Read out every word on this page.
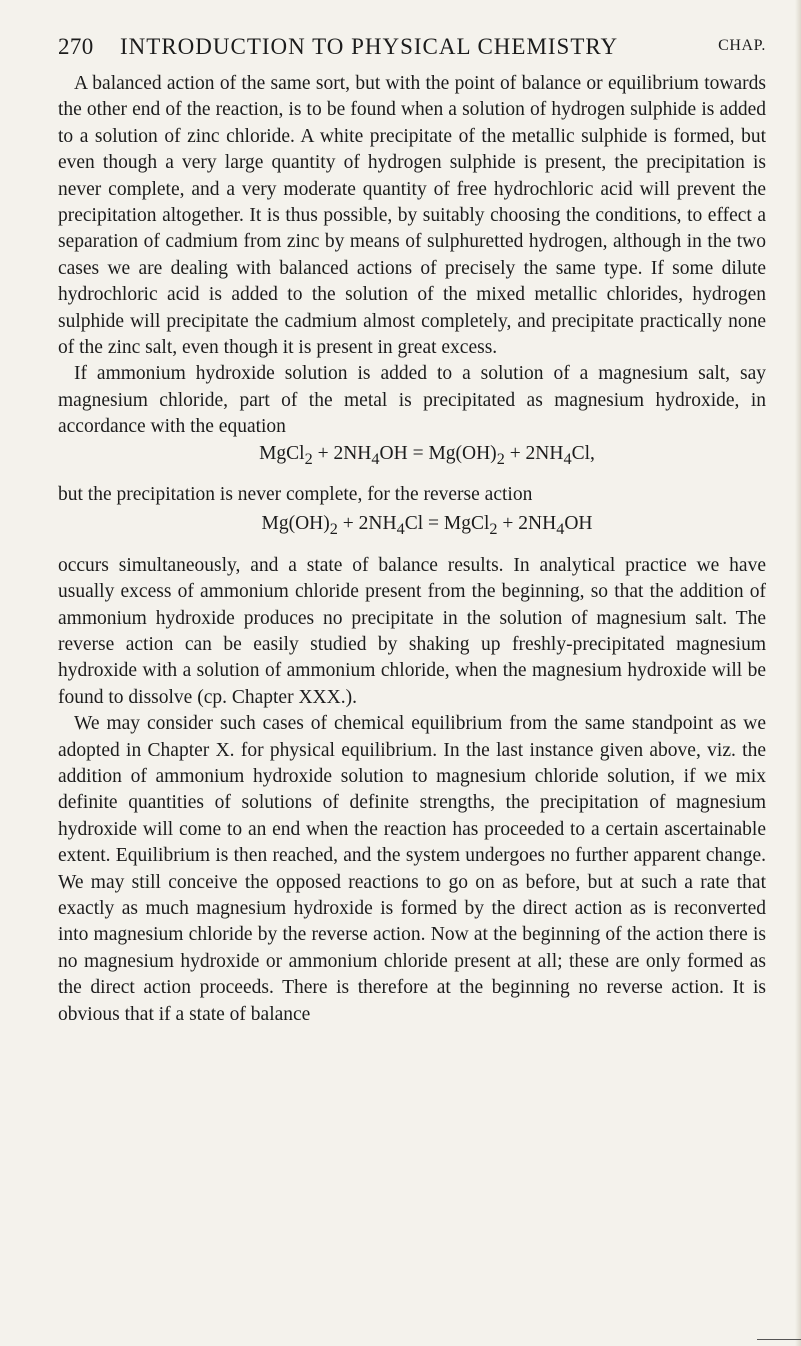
270 INTRODUCTION TO PHYSICAL CHEMISTRY	CHAP.

A balanced action of the same sort, but with the point of balance or equilibrium towards the other end of the reaction, is to be found when a solution of hydrogen sulphide is added to a solution of zinc chloride. A white precipitate of the metallic sulphide is formed, but even though a very large quantity of hydrogen sulphide is present, the precipitation is never complete, and a very moderate quantity of free hydrochloric acid will prevent the precipitation altogether. It is thus possible, by suitably choosing the conditions, to effect a separation of cadmium from zinc by means of sulphuretted hydrogen, although in the two cases we are dealing with balanced actions of precisely the same type. If some dilute hydrochloric acid is added to the solution of the mixed metallic chlorides, hydrogen sulphide will precipitate the cadmium almost completely, and precipitate practically none of the zinc salt, even though it is present in great excess.

If ammonium hydroxide solution is added to a solution of a magnesium salt, say magnesium chloride, part of the metal is precipitated as magnesium hydroxide, in accordance with the equation

MgCl$_2$ + $2NH_4OH = Mg(OH)_2 + 2NH_4Cl$,

but the precipitation is never complete, for the reverse action

$Mg(OH)_2 + 2NH_4Cl$ = MgCl$_2$ + $2NH_4OH$

occurs simultaneously, and a state of balance results. In analytical practice we have usually excess of ammonium chloride present from the beginning, so that the addition of ammonium hydroxide produces no precipitate in the solution of magnesium salt. The reverse action can be easily studied by shaking up freshly-precipitated magnesium hydroxide with a solution of ammonium chloride, when the magnesium hydroxide will be found to dissolve (cp. Chapter XXX.).

We may consider such cases of chemical equilibrium from the same standpoint as we adopted in Chapter X. for physical equilibrium. In the last instance given above, viz. the addition of ammonium hydroxide solution to magnesium chloride solution, if we mix definite quantities of solutions of definite strengths, the precipitation of magnesium hydroxide will come to an end when the reaction has proceeded to a certain ascertainable extent. Equilibrium is then reached, and the system undergoes no further apparent change. We may still conceive the opposed reactions to go on as before, but at such a rate that exactly as much magnesium hydroxide is formed by the direct action as is reconverted into magnesium chloride by the reverse action. Now at the beginning of the action there is no magnesium hydroxide or ammonium chloride present at all; these are only formed as the direct action proceeds. There is therefore at the beginning no reverse action. It is obvious that if a state of balance
